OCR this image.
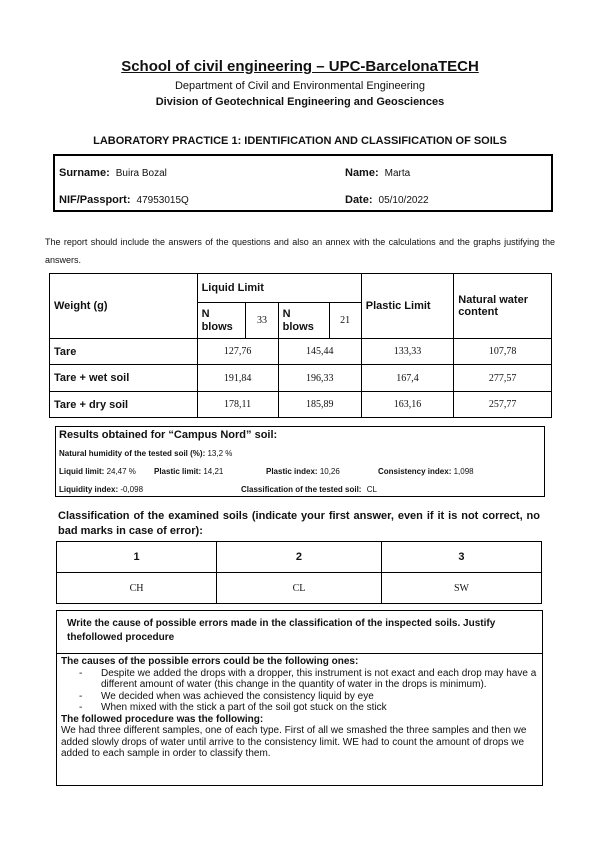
School of civil engineering – UPC-BarcelonaTECH
Department of Civil and Environmental Engineering
Division of Geotechnical Engineering and Geosciences
LABORATORY PRACTICE 1: IDENTIFICATION AND CLASSIFICATION OF SOILS
Surname: Buira Bozal	Name: Marta
NIF/Passport: 47953015Q	Date: 05/10/2022
The report should include the answers of the questions and also an annex with the calculations and the graphs justifying the answers.
Weight (g)	Liquid Limit				Plastic Limit	Natural water content
	N blows	33	N blows	21		
Tare	127,76		145,44		133,33	107,78
Tare + wet soil	191,84		196,33		167,4	277,57
Tare + dry soil	178,11		185,89		163,16	257,77
Results obtained for “Campus Nord” soil:
Natural humidity of the tested soil (%): 13,2 %
Liquid limit: 24,47 % Plastic limit: 14,21	Plastic index: 10,26	Consistency index: 1,098
Liquidity index: -0,098	Classification of the tested soil: CL
Classification of the examined soils (indicate your first answer, even if it is not correct, no bad marks in case of error):
1	2	3
CH	CL	SW
Write the cause of possible errors made in the classification of the inspected soils. Justify thefollowed procedure
The causes of the possible errors could be the following ones:
- Despite we added the drops with a dropper, this instrument is not exact and each drop may have a different amount of water (this change in the quantity of water in the drops is minimum).
- We decided when was achieved the consistency liquid by eye
- When mixed with the stick a part of the soil got stuck on the stick
The followed procedure was the following:
We had three different samples, one of each type. First of all we smashed the three samples and then we added slowly drops of water until arrive to the consistency limit. WE had to count the amount of drops we added to each sample in order to classify them.
